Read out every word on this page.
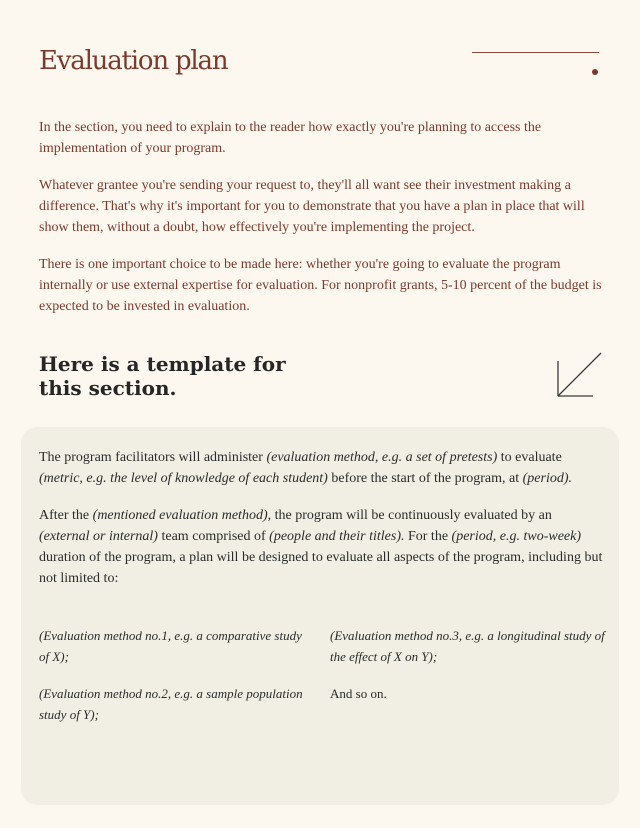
Evaluation plan

In the section, you need to explain to the reader how exactly you're planning to access the implementation of your program.

Whatever grantee you're sending your request to, they'll all want see their investment making a difference. That's why it's important for you to demonstrate that you have a plan in place that will show them, without a doubt, how effectively you're implementing the project.

There is one important choice to be made here: whether you're going to evaluate the program internally or use external expertise for evaluation. For nonprofit grants, 5-10 percent of the budget is expected to be invested in evaluation.

Here is a template for this section.

The program facilitators will administer (evaluation method, e.g. a set of pretests) to evaluate (metric, e.g. the level of knowledge of each student) before the start of the program, at (period).

After the (mentioned evaluation method), the program will be continuously evaluated by an (external or internal) team comprised of (people and their titles). For the (period, e.g. two-week) duration of the program, a plan will be designed to evaluate all aspects of the program, including but not limited to:

(Evaluation method no.1, e.g. a comparative study of X);
(Evaluation method no.3, e.g. a longitudinal study of the effect of X on Y);
(Evaluation method no.2, e.g. a sample population study of Y);
And so on.
